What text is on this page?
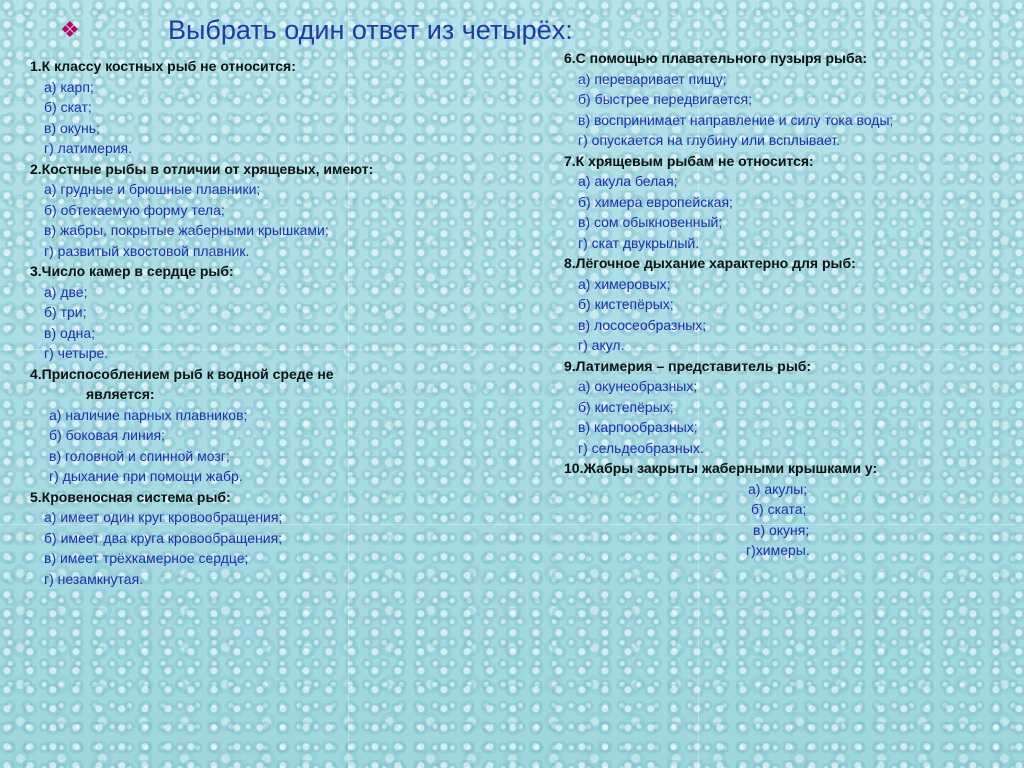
❖	Выбрать один ответ из четырёх:
1.К классу костных рыб не относится:
а) карп;
б) скат;
в) окунь;
г) латимерия.
2.Костные рыбы в отличии от хрящевых, имеют:
а) грудные и брюшные плавники;
б) обтекаемую форму тела;
в) жабры, покрытые жаберными крышками;
г) развитый хвостовой плавник.
3.Число камер в сердце рыб:
а) две;
б) три;
в) одна;
г) четыре.
4.Приспособлением рыб к водной среде не
является:
а) наличие парных плавников;
б) боковая линия;
в) головной и спинной мозг;
г) дыхание при помощи жабр.
5.Кровеносная система рыб:
а) имеет один круг кровообращения;
б) имеет два круга кровообращения;
в) имеет трёхкамерное сердце;
г) незамкнутая.
6.С помощью плавательного пузыря рыба:
а) переваривает пищу;
б) быстрее передвигается;
в) воспринимает направление и силу тока воды;
г) опускается на глубину или всплывает.
7.К хрящевым рыбам не относится:
а) акула белая;
б) химера европейская;
в) сом обыкновенный;
г) скат двукрылый.
8.Лёгочное дыхание характерно для рыб:
а) химеровых;
б) кистепёрых;
в) лососеобразных;
г) акул.
9.Латимерия – представитель рыб:
а) окунеобразных;
б) кистепёрых;
в) карпообразных;
г) сельдеобразных.
10.Жабры закрыты жаберными крышками у:
а) акулы;
б) ската;
в) окуня;
г)химеры.
